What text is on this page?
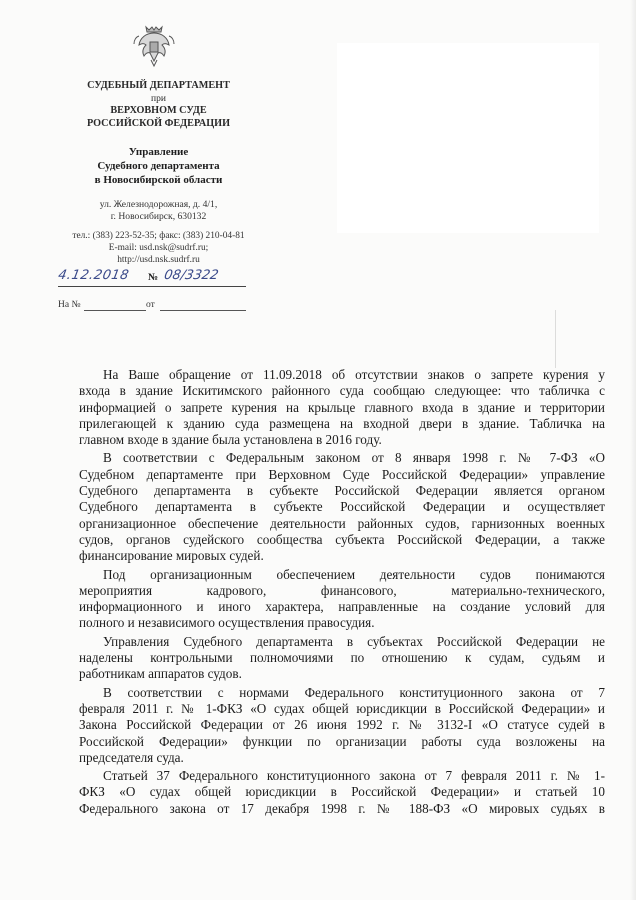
СУДЕБНЫЙ ДЕПАРТАМЕНТ
при
ВЕРХОВНОМ СУДЕ
РОССИЙСКОЙ ФЕДЕРАЦИИ
Управление
Судебного департамента
в Новосибирской области
ул. Железнодорожная, д. 4/1,
г. Новосибирск, 630132
тел.: (383) 223-52-35; факс: (383) 210-04-81
E-mail: usd.nsk@sudrf.ru;
http://usd.nsk.sudrf.ru
4.12.2018	№ 08/3322
На №	от

На Ваше обращение от 11.09.2018 об отсутствии знаков о запрете курения у
входа в здание Искитимского районного суда сообщаю следующее: что табличка с
информацией о запрете курения на крыльце главного входа в здание и территории
прилегающей к зданию суда размещена на входной двери в здание. Табличка на
главном входе в здание была установлена в 2016 году.

В соответствии с Федеральным законом от 8 января 1998 г. № 7-ФЗ «О
Судебном департаменте при Верховном Суде Российской Федерации» управление
Судебного департамента в субъекте Российской Федерации является органом
Судебного департамента в субъекте Российской Федерации и осуществляет
организационное обеспечение деятельности районных судов, гарнизонных военных
судов, органов судейского сообщества субъекта Российской Федерации, а также
финансирование мировых судей.

Под организационным обеспечением деятельности судов понимаются
мероприятия кадрового, финансового, материально-технического,
информационного и иного характера, направленные на создание условий для
полного и независимого осуществления правосудия.

Управления Судебного департамента в субъектах Российской Федерации не
наделены контрольными полномочиями по отношению к судам, судьям и
работникам аппаратов судов.

В соответствии с нормами Федерального конституционного закона от 7
февраля 2011 г. № 1-ФКЗ «О судах общей юрисдикции в Российской Федерации» и
Закона Российской Федерации от 26 июня 1992 г. № 3132-I «О статусе судей в
Российской Федерации» функции по организации работы суда возложены на
председателя суда.

Статьей 37 Федерального конституционного закона от 7 февраля 2011 г. № 1-
ФКЗ «О судах общей юрисдикции в Российской Федерации» и статьей 10
Федерального закона от 17 декабря 1998 г. № 188-ФЗ «О мировых судьях в
